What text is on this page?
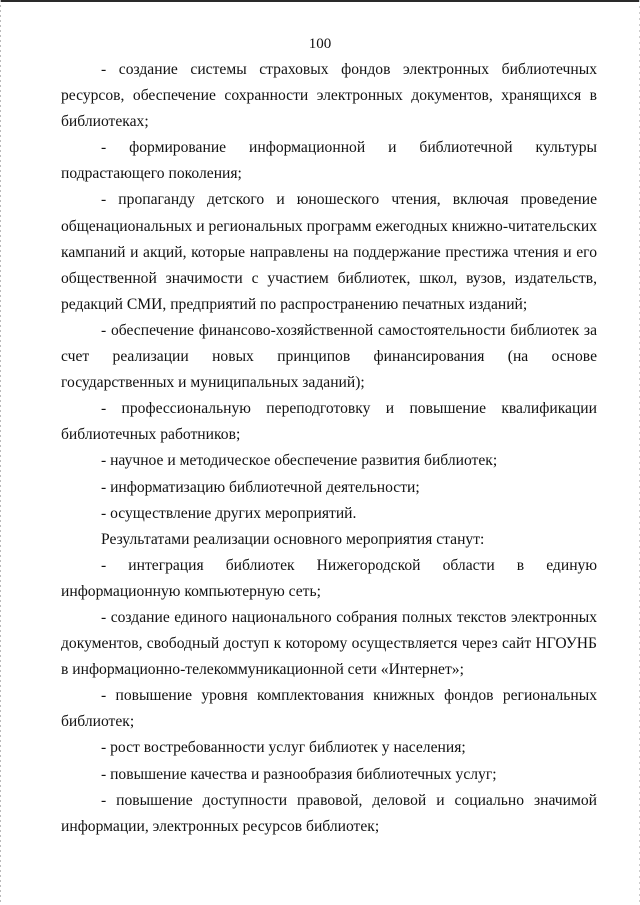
100

- создание системы страховых фондов электронных библиотечных ресурсов, обеспечение сохранности электронных документов, хранящихся в библиотеках;

- формирование информационной и библиотечной культуры подрастающего поколения;

- пропаганду детского и юношеского чтения, включая проведение общенациональных и региональных программ ежегодных книжно-читательских кампаний и акций, которые направлены на поддержание престижа чтения и его общественной значимости с участием библиотек, школ, вузов, издательств, редакций СМИ, предприятий по распространению печатных изданий;

- обеспечение финансово-хозяйственной самостоятельности библиотек за счет реализации новых принципов финансирования (на основе государственных и муниципальных заданий);

- профессиональную переподготовку и повышение квалификации библиотечных работников;

- научное и методическое обеспечение развития библиотек;

- информатизацию библиотечной деятельности;

- осуществление других мероприятий.

Результатами реализации основного мероприятия станут:

- интеграция библиотек Нижегородской области в единую информационную компьютерную сеть;

- создание единого национального собрания полных текстов электронных документов, свободный доступ к которому осуществляется через сайт НГОУНБ в информационно-телекоммуникационной сети «Интернет»;

- повышение уровня комплектования книжных фондов региональных библиотек;

- рост востребованности услуг библиотек у населения;

- повышение качества и разнообразия библиотечных услуг;

- повышение доступности правовой, деловой и социально значимой информации, электронных ресурсов библиотек;
